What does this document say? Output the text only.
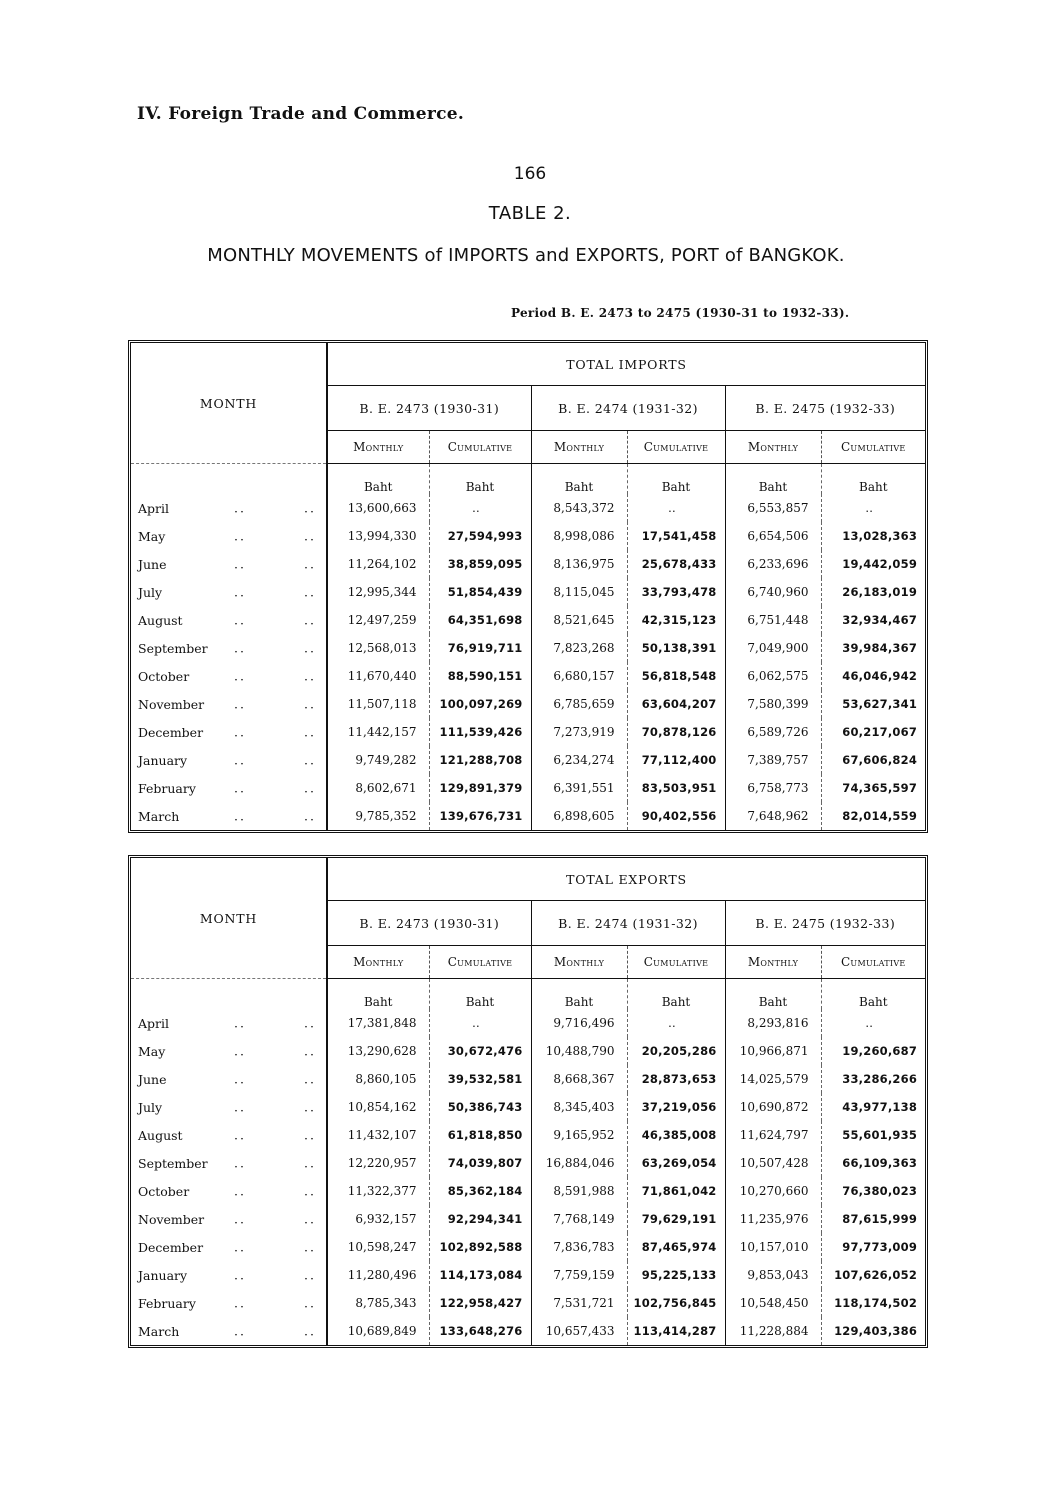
IV. Foreign Trade and Commerce.
166
TABLE 2.
MONTHLY MOVEMENTS of IMPORTS and EXPORTS, PORT of BANGKOK.
Period B. E. 2473 to 2475 (1930-31 to 1932-33).
MONTH	TOTAL IMPORTS					
	B. E. 2473 (1930-31)		B. E. 2474 (1931-32)		B. E. 2475 (1932-33)	
	Monthly	Cumulative	Monthly	Cumulative	Monthly	Cumulative
	Baht	Baht	Baht	Baht	Baht	Baht
April .. ..	13,600,663	..	8,543,372	..	6,553,857	..
May .. ..	13,994,330	27,594,993	8,998,086	17,541,458	6,654,506	13,028,363
June .. ..	11,264,102	38,859,095	8,136,975	25,678,433	6,233,696	19,442,059
July .. ..	12,995,344	51,854,439	8,115,045	33,793,478	6,740,960	26,183,019
August .. ..	12,497,259	64,351,698	8,521,645	42,315,123	6,751,448	32,934,467
September .. ..	12,568,013	76,919,711	7,823,268	50,138,391	7,049,900	39,984,367
October .. ..	11,670,440	88,590,151	6,680,157	56,818,548	6,062,575	46,046,942
November .. ..	11,507,118	100,097,269	6,785,659	63,604,207	7,580,399	53,627,341
December .. ..	11,442,157	111,539,426	7,273,919	70,878,126	6,589,726	60,217,067
January .. ..	9,749,282	121,288,708	6,234,274	77,112,400	7,389,757	67,606,824
February .. ..	8,602,671	129,891,379	6,391,551	83,503,951	6,758,773	74,365,597
March .. ..	9,785,352	139,676,731	6,898,605	90,402,556	7,648,962	82,014,559
MONTH	TOTAL EXPORTS					
	B. E. 2473 (1930-31)		B. E. 2474 (1931-32)		B. E. 2475 (1932-33)	
	Monthly	Cumulative	Monthly	Cumulative	Monthly	Cumulative
	Baht	Baht	Baht	Baht	Baht	Baht
April .. ..	17,381,848	..	9,716,496	..	8,293,816	..
May .. ..	13,290,628	30,672,476	10,488,790	20,205,286	10,966,871	19,260,687
June .. ..	8,860,105	39,532,581	8,668,367	28,873,653	14,025,579	33,286,266
July .. ..	10,854,162	50,386,743	8,345,403	37,219,056	10,690,872	43,977,138
August .. ..	11,432,107	61,818,850	9,165,952	46,385,008	11,624,797	55,601,935
September .. ..	12,220,957	74,039,807	16,884,046	63,269,054	10,507,428	66,109,363
October .. ..	11,322,377	85,362,184	8,591,988	71,861,042	10,270,660	76,380,023
November .. ..	6,932,157	92,294,341	7,768,149	79,629,191	11,235,976	87,615,999
December .. ..	10,598,247	102,892,588	7,836,783	87,465,974	10,157,010	97,773,009
January .. ..	11,280,496	114,173,084	7,759,159	95,225,133	9,853,043	107,626,052
February .. ..	8,785,343	122,958,427	7,531,721	102,756,845	10,548,450	118,174,502
March .. ..	10,689,849	133,648,276	10,657,433	113,414,287	11,228,884	129,403,386
